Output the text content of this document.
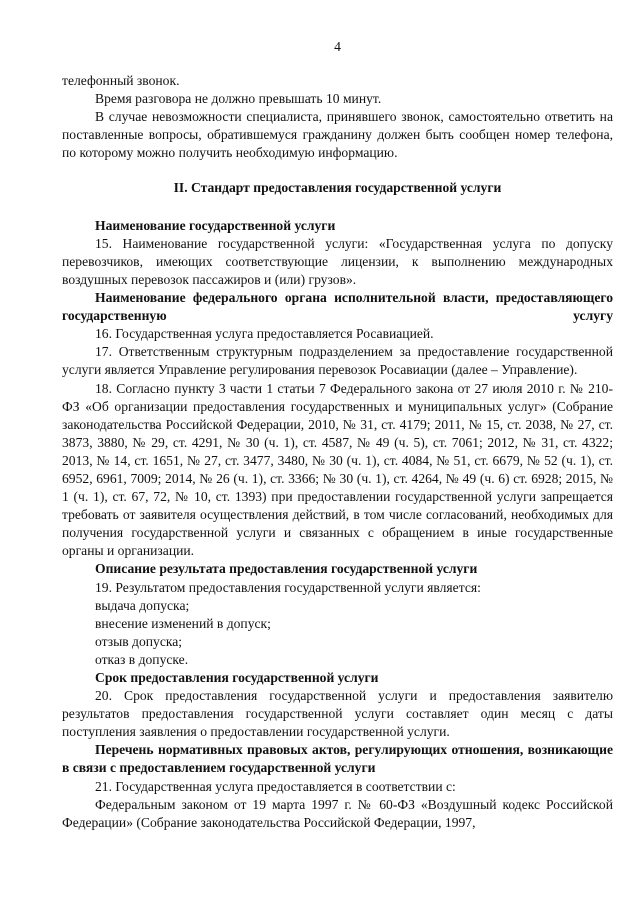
4

телефонный звонок.

Время разговора не должно превышать 10 минут.

В случае невозможности специалиста, принявшего звонок, самостоятельно ответить на поставленные вопросы, обратившемуся гражданину должен быть сообщен номер телефона, по которому можно получить необходимую информацию.

II. Стандарт предоставления государственной услуги

Наименование государственной услуги

15. Наименование государственной услуги: «Государственная услуга по допуску перевозчиков, имеющих соответствующие лицензии, к выполнению международных воздушных перевозок пассажиров и (или) грузов».

Наименование федерального органа исполнительной власти, предоставляющего государственную услугу

16. Государственная услуга предоставляется Росавиацией.

17. Ответственным структурным подразделением за предоставление государственной услуги является Управление регулирования перевозок Росавиации (далее – Управление).

18. Согласно пункту 3 части 1 статьи 7 Федерального закона от 27 июля 2010 г. № 210-ФЗ «Об организации предоставления государственных и муниципальных услуг» (Собрание законодательства Российской Федерации, 2010, № 31, ст. 4179; 2011, № 15, ст. 2038, № 27, ст. 3873, 3880, № 29, ст. 4291, № 30 (ч. 1), ст. 4587, № 49 (ч. 5), ст. 7061; 2012, № 31, ст. 4322; 2013, № 14, ст. 1651, № 27, ст. 3477, 3480, № 30 (ч. 1), ст. 4084, № 51, ст. 6679, № 52 (ч. 1), ст. 6952, 6961, 7009; 2014, № 26 (ч. 1), ст. 3366; № 30 (ч. 1), ст. 4264, № 49 (ч. 6) ст. 6928; 2015, № 1 (ч. 1), ст. 67, 72, № 10, ст. 1393) при предоставлении государственной услуги запрещается требовать от заявителя осуществления действий, в том числе согласований, необходимых для получения государственной услуги и связанных с обращением в иные государственные органы и организации.

Описание результата предоставления государственной услуги

19. Результатом предоставления государственной услуги является:

выдача допуска;

внесение изменений в допуск;

отзыв допуска;

отказ в допуске.

Срок предоставления государственной услуги

20. Срок предоставления государственной услуги и предоставления заявителю результатов предоставления государственной услуги составляет один месяц с даты поступления заявления о предоставлении государственной услуги.

Перечень нормативных правовых актов, регулирующих отношения, возникающие в связи с предоставлением государственной услуги

21. Государственная услуга предоставляется в соответствии с:

Федеральным законом от 19 марта 1997 г. № 60-ФЗ «Воздушный кодекс Российской Федерации» (Собрание законодательства Российской Федерации, 1997,
